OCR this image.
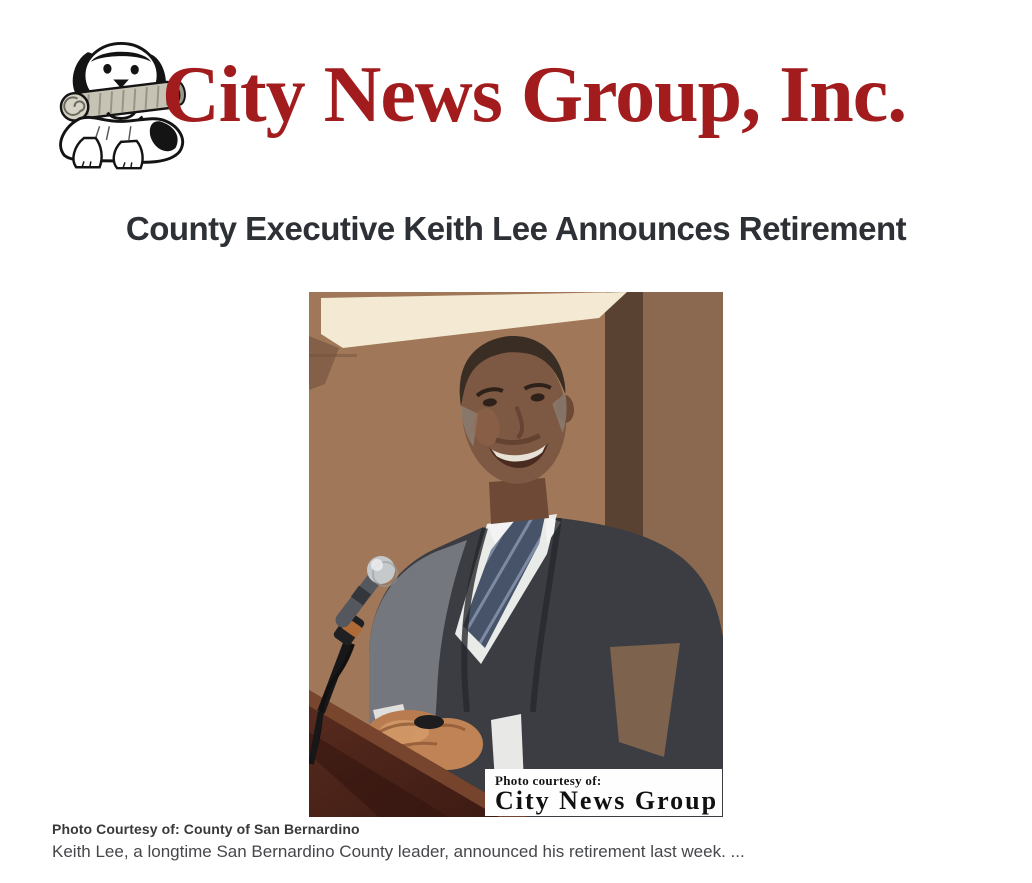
City News Group, Inc.
County Executive Keith Lee Announces Retirement
Photo courtesy of:
City News Group
Photo Courtesy of: County of San Bernardino
Keith Lee, a longtime San Bernardino County leader, announced his retirement last week. ...
